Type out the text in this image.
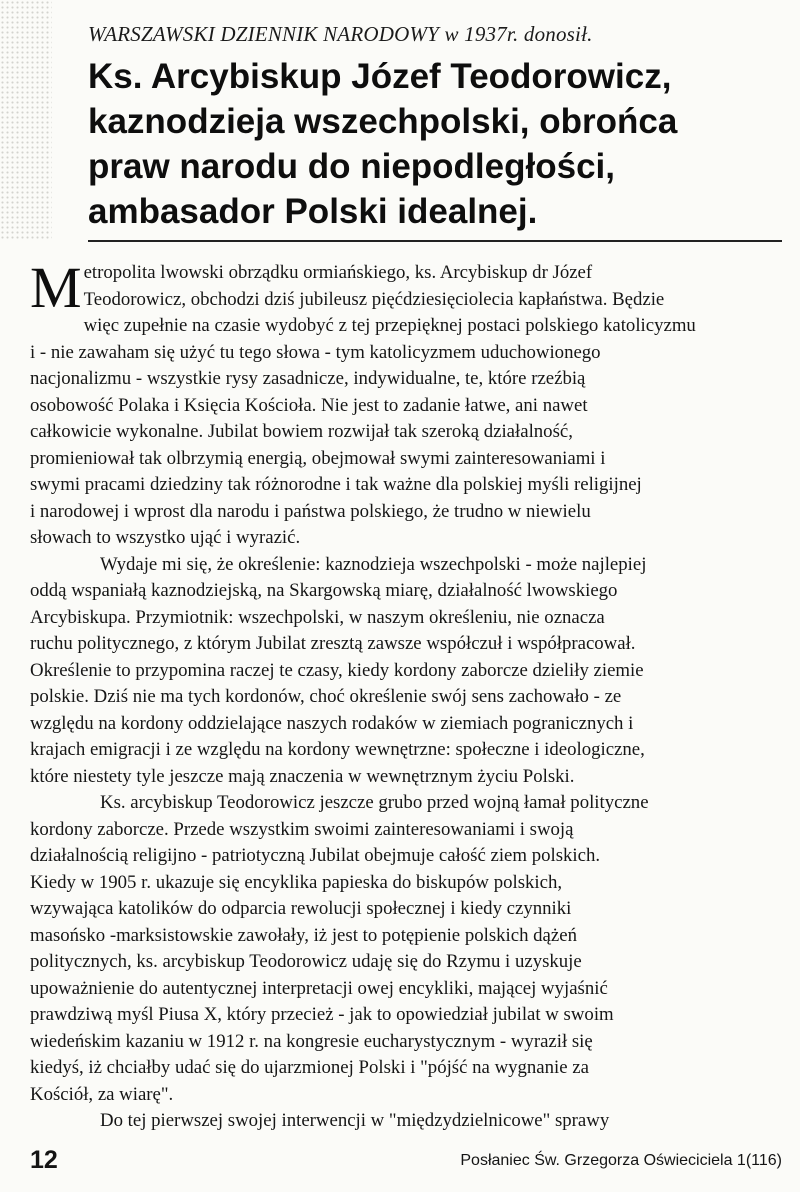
WARSZAWSKI DZIENNIK NARODOWY w 1937r. donosił.
Ks. Arcybiskup Józef Teodorowicz,
kaznodzieja wszechpolski, obrońca
praw narodu do niepodległości,
ambasador Polski idealnej.
M etropolita lwowski obrządku ormiańskiego, ks. Arcybiskup dr Józef
Teodorowicz, obchodzi dziś jubileusz pięćdziesięciolecia kapłaństwa. Będzie
więc zupełnie na czasie wydobyć z tej przepięknej postaci polskiego katolicyzmu
i - nie zawaham się użyć tu tego słowa - tym katolicyzmem uduchowionego
nacjonalizmu - wszystkie rysy zasadnicze, indywidualne, te, które rzeźbią
osobowość Polaka i Księcia Kościoła. Nie jest to zadanie łatwe, ani nawet
całkowicie wykonalne. Jubilat bowiem rozwijał tak szeroką działalność,
promieniował tak olbrzymią energią, obejmował swymi zainteresowaniami i
swymi pracami dziedziny tak różnorodne i tak ważne dla polskiej myśli religijnej
i narodowej i wprost dla narodu i państwa polskiego, że trudno w niewielu
słowach to wszystko ująć i wyrazić.
Wydaje mi się, że określenie: kaznodzieja wszechpolski - może najlepiej
oddą wspaniałą kaznodziejską, na Skargowską miarę, działalność lwowskiego
Arcybiskupa. Przymiotnik: wszechpolski, w naszym określeniu, nie oznacza
ruchu politycznego, z którym Jubilat zresztą zawsze współczuł i współpracował.
Określenie to przypomina raczej te czasy, kiedy kordony zaborcze dzieliły ziemie
polskie. Dziś nie ma tych kordonów, choć określenie swój sens zachowało - ze
względu na kordony oddzielające naszych rodaków w ziemiach pogranicznych i
krajach emigracji i ze względu na kordony wewnętrzne: społeczne i ideologiczne,
które niestety tyle jeszcze mają znaczenia w wewnętrznym życiu Polski.
Ks. arcybiskup Teodorowicz jeszcze grubo przed wojną łamał polityczne
kordony zaborcze. Przede wszystkim swoimi zainteresowaniami i swoją
działalnością religijno - patriotyczną Jubilat obejmuje całość ziem polskich.
Kiedy w 1905 r. ukazuje się encyklika papieska do biskupów polskich,
wzywająca katolików do odparcia rewolucji społecznej i kiedy czynniki
masońsko -marksistowskie zawołały, iż jest to potępienie polskich dążeń
politycznych, ks. arcybiskup Teodorowicz udaję się do Rzymu i uzyskuje
upoważnienie do autentycznej interpretacji owej encykliki, mającej wyjaśnić
prawdziwą myśl Piusa X, który przecież - jak to opowiedział jubilat w swoim
wiedeńskim kazaniu w 1912 r. na kongresie eucharystycznym - wyraził się
kiedyś, iż chciałby udać się do ujarzmionej Polski i "pójść na wygnanie za
Kościół, za wiarę".
Do tej pierwszej swojej interwencji w "międzydzielnicowe" sprawy
12	Posłaniec Św. Grzegorza Oświeciciela 1(116)
